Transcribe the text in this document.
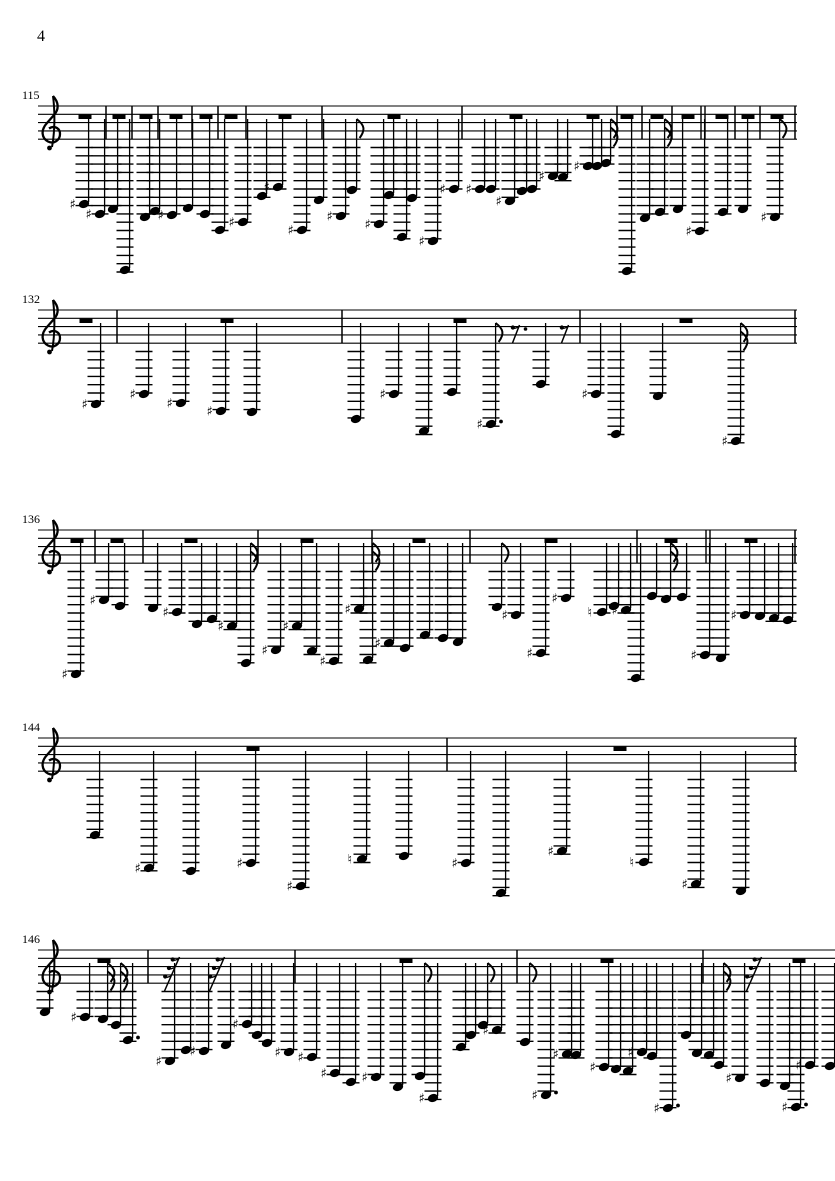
4
115
♯
♯	♯	♯
♯
♯
♯
♯
♯
♯ ♯
♯
♯
♯
♯
♯
132
♯
♯
♯
♯
♯
♯
♯
♯
136
♯
♯
♯
♯
♯
♯
♯
♯
♯
♯
♯
♯
♮ ♯
♯
♯
144
♯	♯
♯
♮	♯
♯
♮
♯
146
♯
♯
♯
♯
♯ ♯
♯	♯
♯
♯
♯
♯
♯
♯
♯
♯
♯
♯
